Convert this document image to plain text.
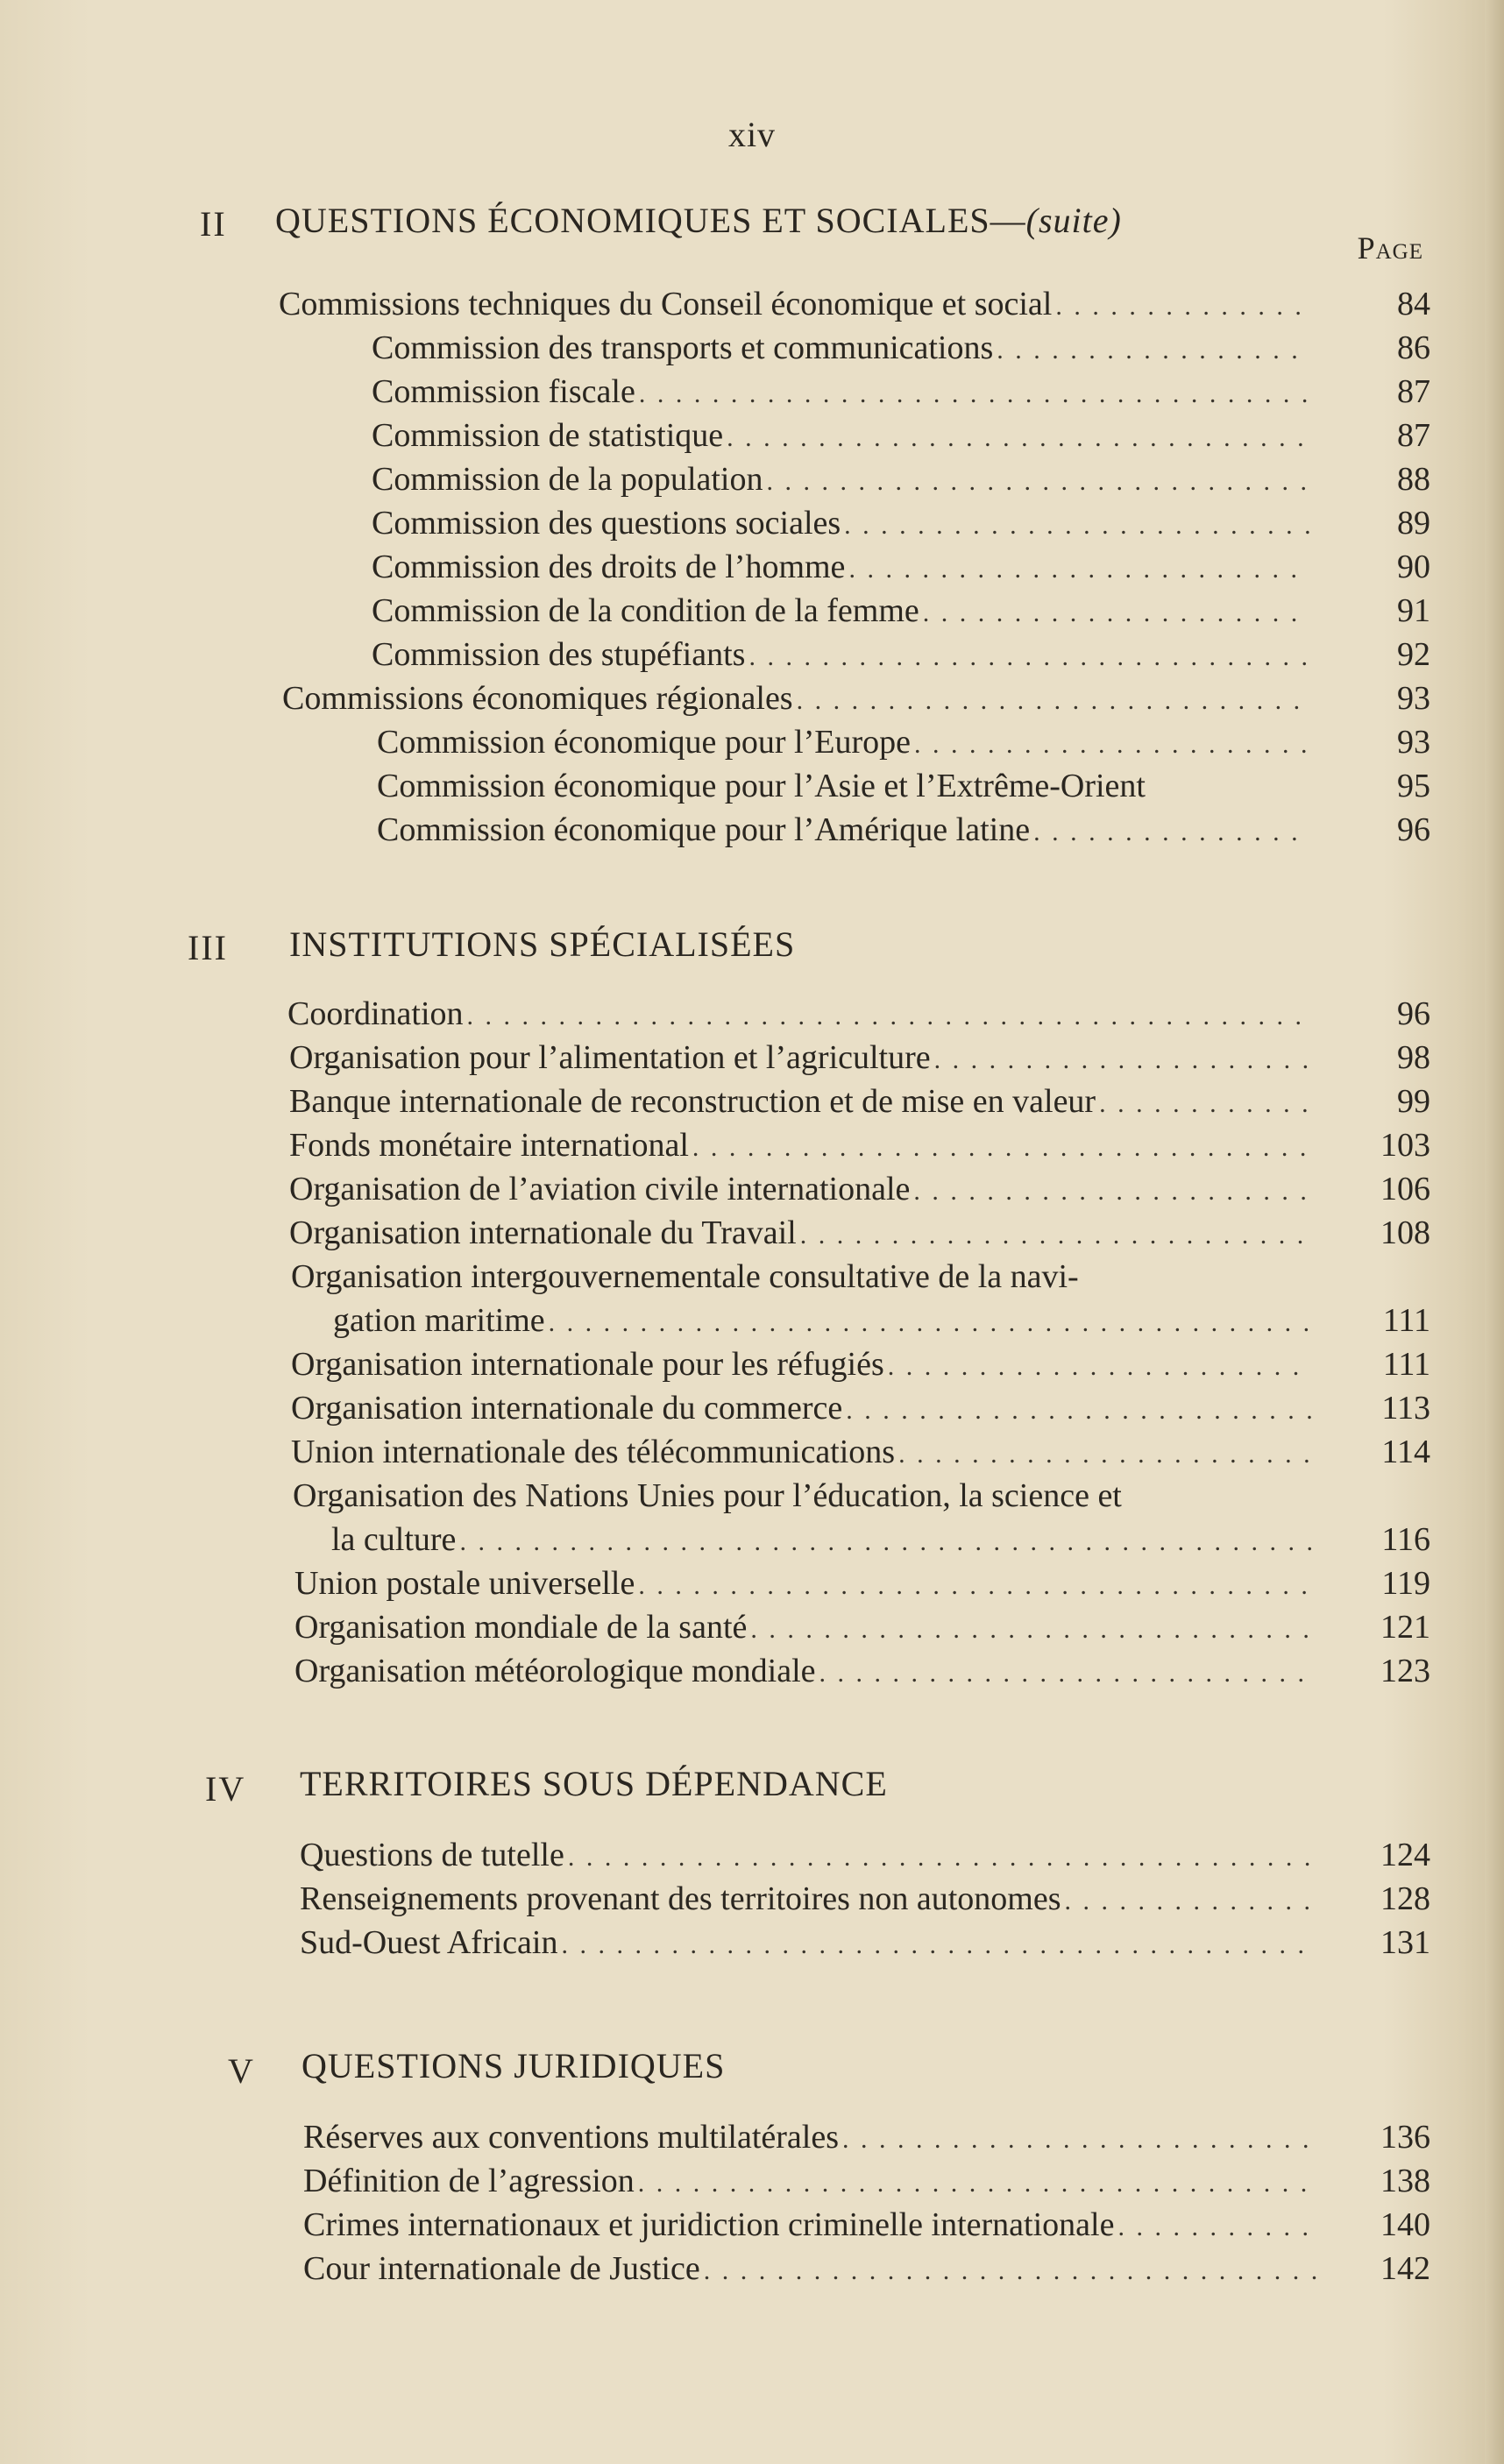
xiv
Page
II QUESTIONS ÉCONOMIQUES ET SOCIALES—(suite)
Commissions techniques du Conseil économique et social . . .	84
Commission des transports et communications . . .	86
Commission fiscale . . .	87
Commission de statistique . . .	87
Commission de la population . . .	88
Commission des questions sociales . . .	89
Commission des droits de l’homme . . .	90
Commission de la condition de la femme . . .	91
Commission des stupéfiants . . .	92
Commissions économiques régionales . . .	93
Commission économique pour l’Europe . . .	93
Commission économique pour l’Asie et l’Extrême-Orient	95
Commission économique pour l’Amérique latine . . .	96
III INSTITUTIONS SPÉCIALISÉES
Coordination . . .	96
Organisation pour l’alimentation et l’agriculture . . .	98
Banque internationale de reconstruction et de mise en valeur . . .	99
Fonds monétaire international . . .	103
Organisation de l’aviation civile internationale . . .	106
Organisation internationale du Travail . . .	108
Organisation intergouvernementale consultative de la navi-
gation maritime . . .	111
Organisation internationale pour les réfugiés . . .	111
Organisation internationale du commerce . . .	113
Union internationale des télécommunications . . .	114
Organisation des Nations Unies pour l’éducation, la science et
la culture . . .	116
Union postale universelle . . .	119
Organisation mondiale de la santé . . .	121
Organisation météorologique mondiale . . .	123
IV TERRITOIRES SOUS DÉPENDANCE
Questions de tutelle . . .	124
Renseignements provenant des territoires non autonomes . . .	128
Sud-Ouest Africain . . .	131
V QUESTIONS JURIDIQUES
Réserves aux conventions multilatérales . . .	136
Définition de l’agression . . .	138
Crimes internationaux et juridiction criminelle internationale . . .	140
Cour internationale de Justice . . .	142
